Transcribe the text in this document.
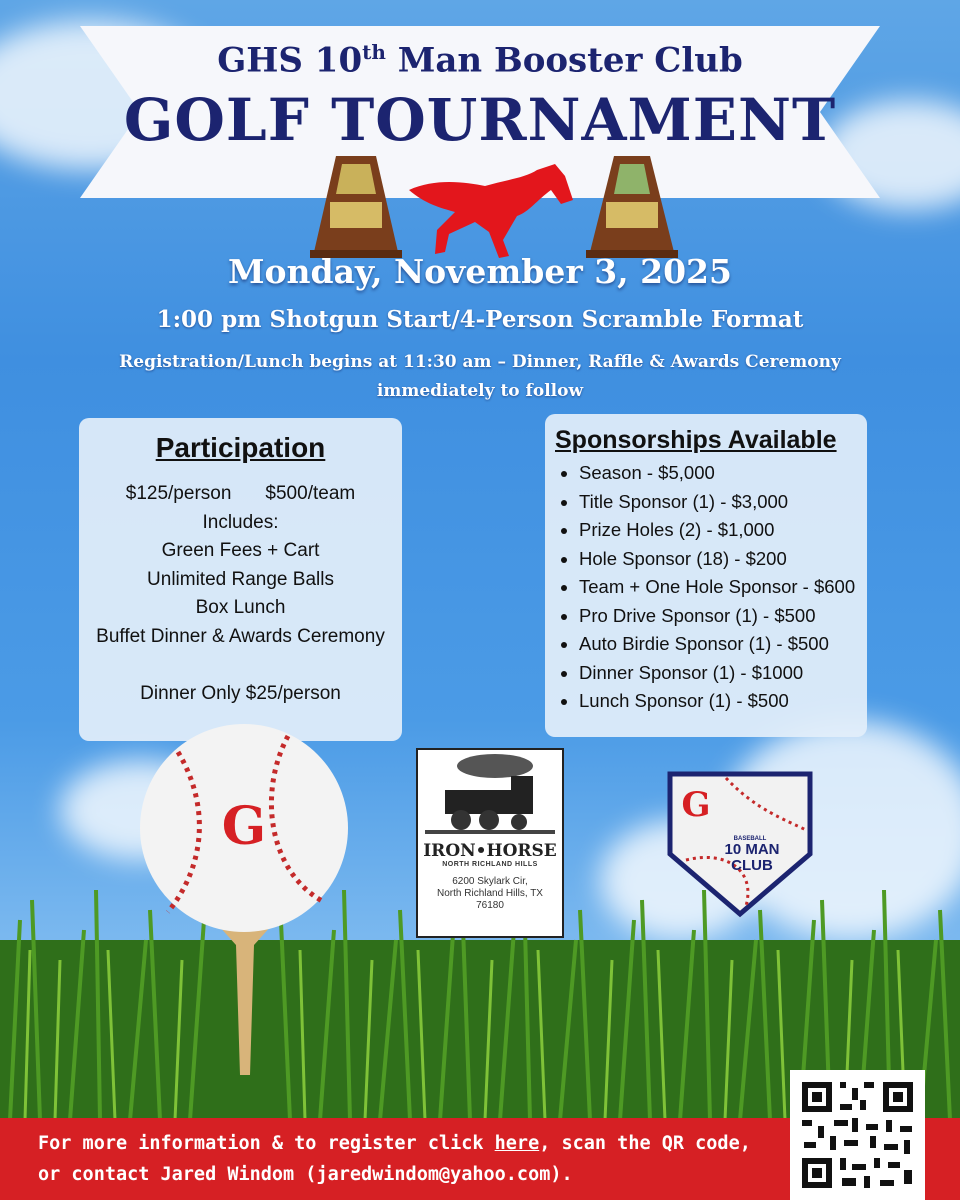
GHS 10th Man Booster Club
GOLF TOURNAMENT
Monday, November 3, 2025
1:00 pm Shotgun Start/4-Person Scramble Format
Registration/Lunch begins at 11:30 am – Dinner, Raffle & Awards Ceremony
immediately to follow
Participation
$125/person $500/team
Includes:
Green Fees + Cart
Unlimited Range Balls
Box Lunch
Buffet Dinner & Awards Ceremony

Dinner Only $25/person
Sponsorships Available
• Season - $5,000
• Title Sponsor (1) - $3,000
• Prize Holes (2) - $1,000
• Hole Sponsor (18) - $200
• Team + One Hole Sponsor - $600
• Pro Drive Sponsor (1) - $500
• Auto Birdie Sponsor (1) - $500
• Dinner Sponsor (1) - $1000
• Lunch Sponsor (1) - $500
G	IRON•HORSE
NORTH RICHLAND HILLS
6200 Skylark Cir,
North Richland Hills, TX
76180
G
BASEBALL
10 MAN
CLUB
For more information & to register click here, scan the QR code, or contact Jared Windom (jaredwindom@yahoo.com).
